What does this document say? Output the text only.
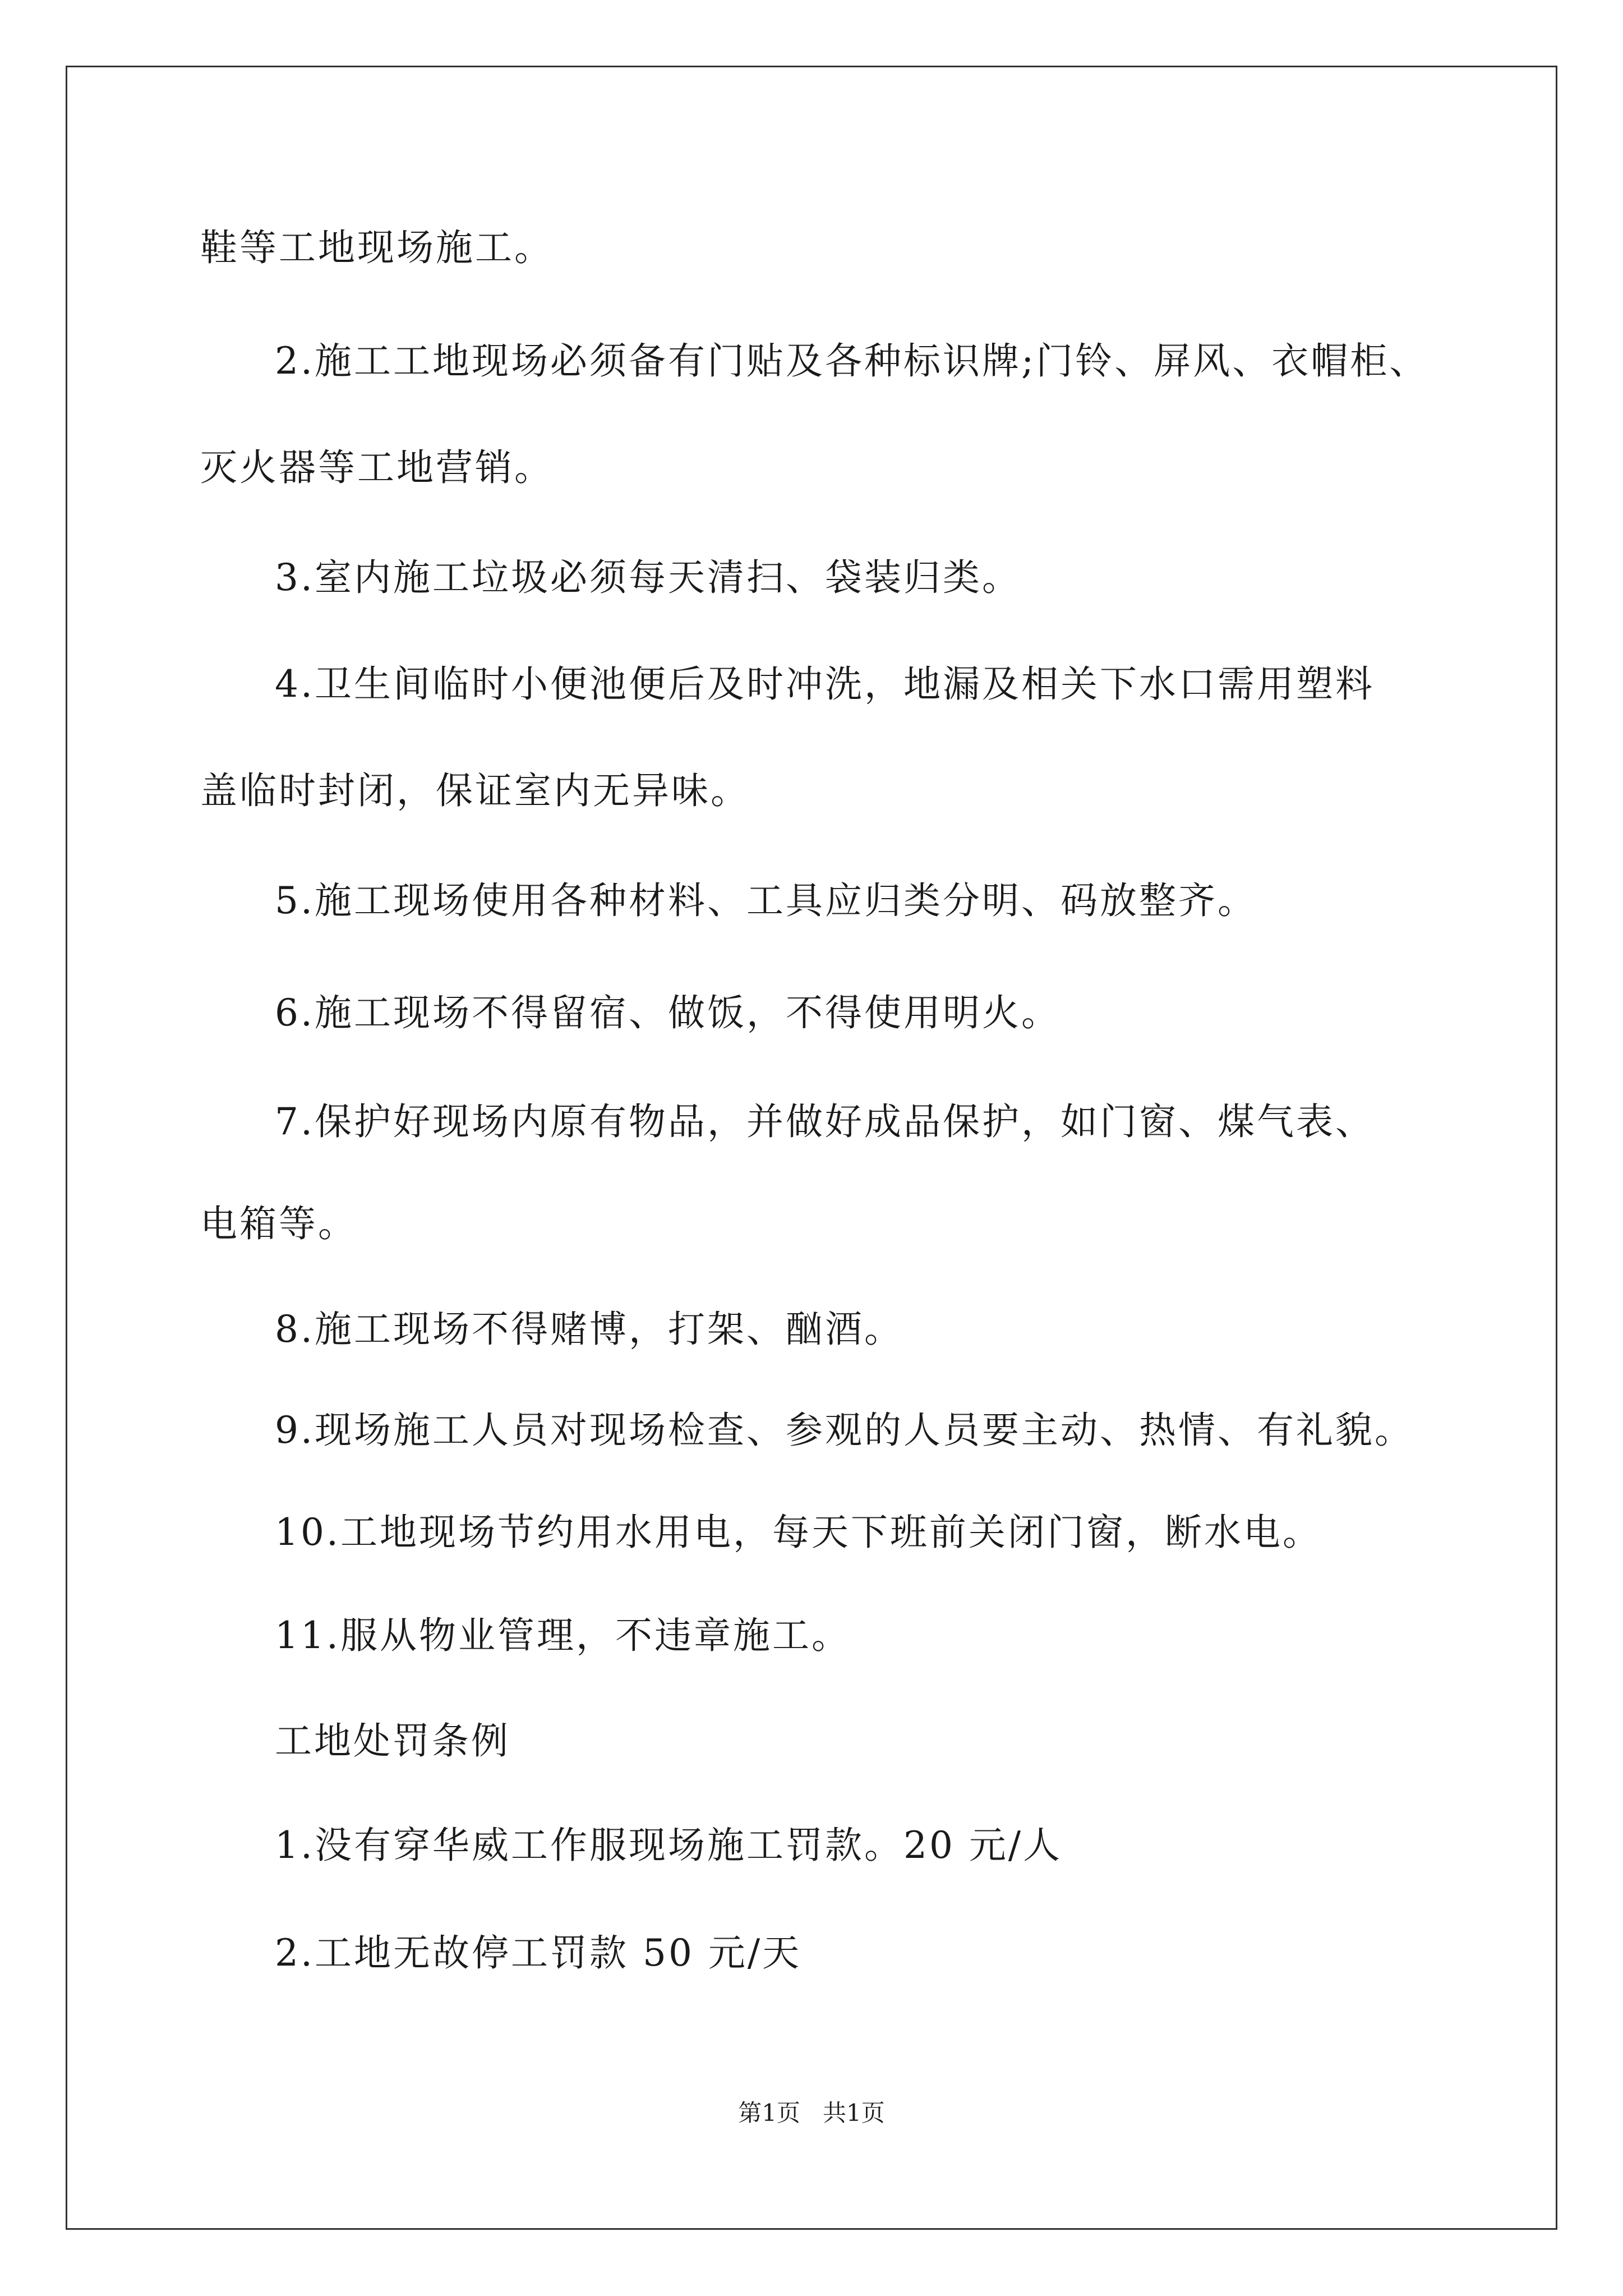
鞋等工地现场施工。
2.施工工地现场必须备有门贴及各种标识牌;门铃、屏风、衣帽柜、
灭火器等工地营销。
3.室内施工垃圾必须每天清扫、袋装归类。
4.卫生间临时小便池便后及时冲洗，地漏及相关下水口需用塑料
盖临时封闭，保证室内无异味。
5.施工现场使用各种材料、工具应归类分明、码放整齐。
6.施工现场不得留宿、做饭，不得使用明火。
7.保护好现场内原有物品，并做好成品保护，如门窗、煤气表、
电箱等。
8.施工现场不得赌博，打架、酗酒。
9.现场施工人员对现场检查、参观的人员要主动、热情、有礼貌。
10.工地现场节约用水用电，每天下班前关闭门窗，断水电。
11.服从物业管理，不违章施工。
工地处罚条例
1.没有穿华威工作服现场施工罚款。20 元/人
2.工地无故停工罚款 50 元/天
第1页   共1页
